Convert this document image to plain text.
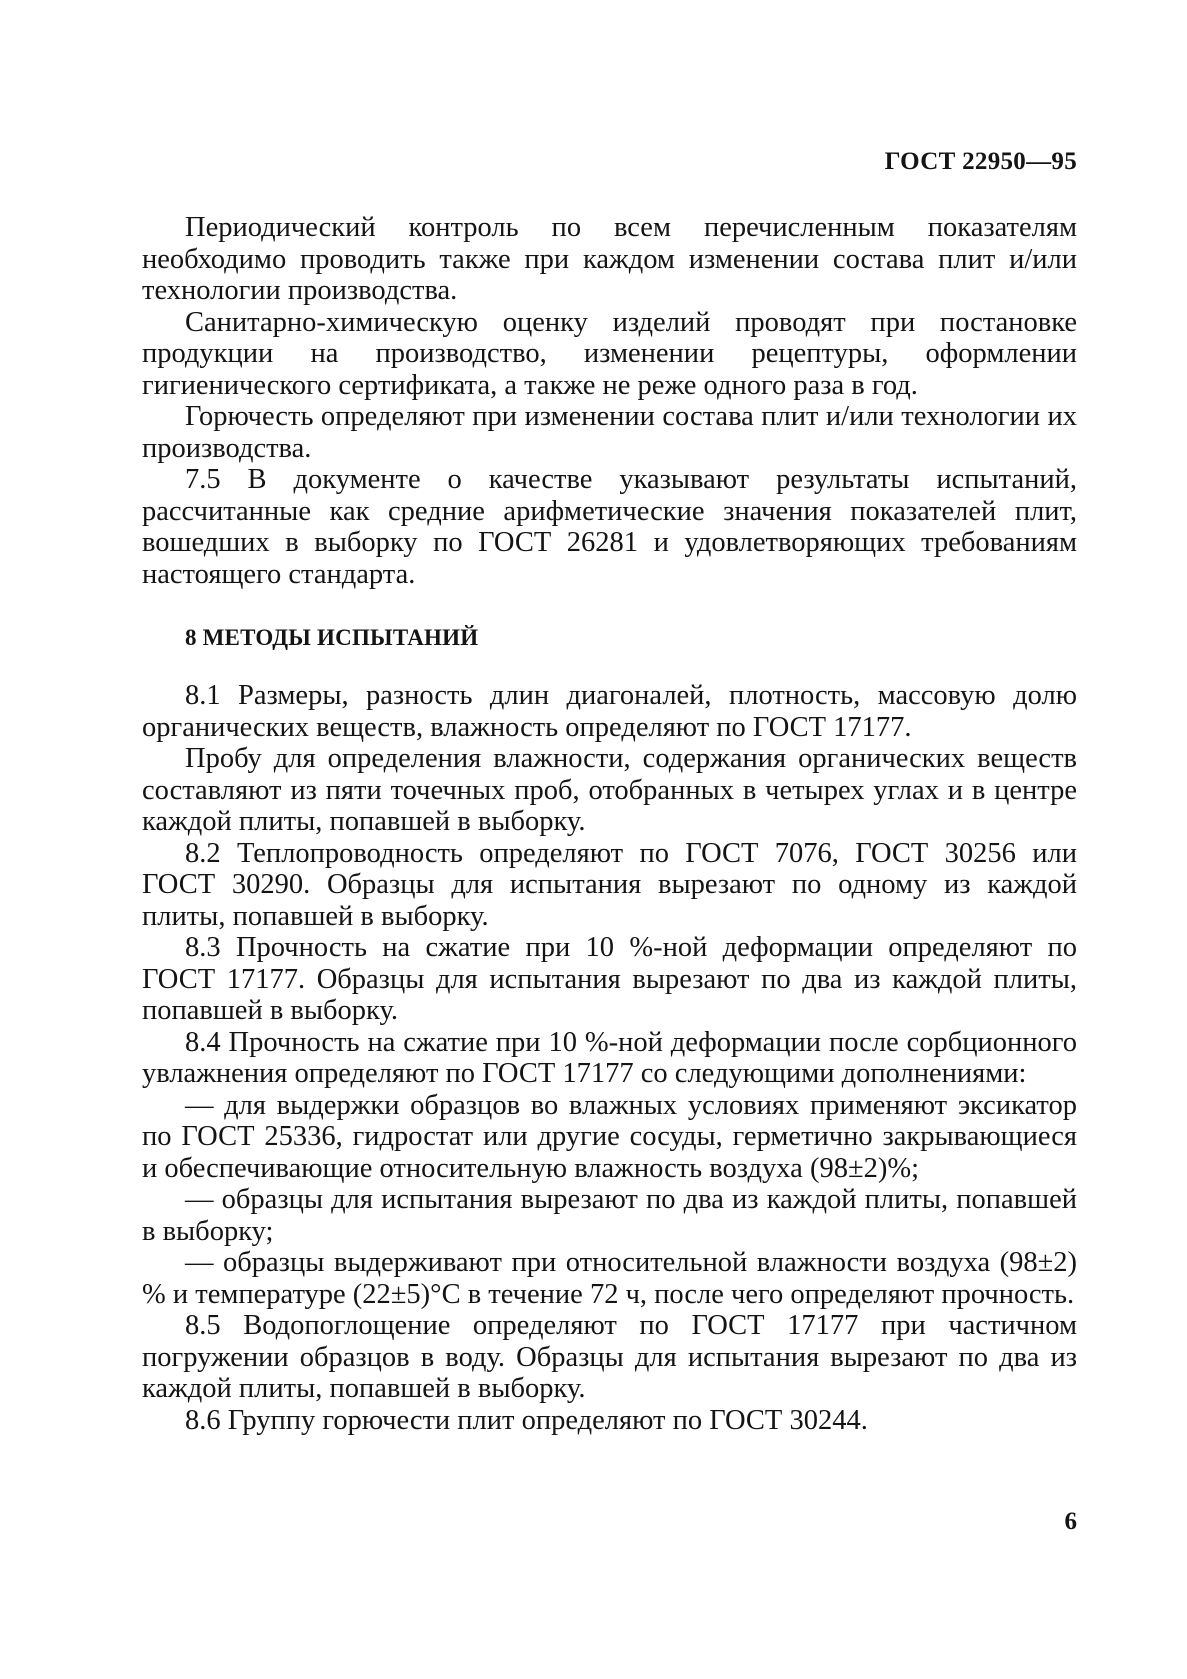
ГОСТ 22950—95

Периодический контроль по всем перечисленным показателям необходимо проводить также при каждом изменении состава плит и/или технологии производства.

Санитарно-химическую оценку изделий проводят при постановке продукции на производство, изменении рецептуры, оформлении гигиенического сертификата, а также не реже одного раза в год.

Горючесть определяют при изменении состава плит и/или технологии их производства.

7.5 В документе о качестве указывают результаты испытаний, рассчитанные как средние арифметические значения показателей плит, вошедших в выборку по ГОСТ 26281 и удовлетворяющих требованиям настоящего стандарта.

8 МЕТОДЫ ИСПЫТАНИЙ

8.1 Размеры, разность длин диагоналей, плотность, массовую долю органических веществ, влажность определяют по ГОСТ 17177.

Пробу для определения влажности, содержания органических веществ составляют из пяти точечных проб, отобранных в четырех углах и в центре каждой плиты, попавшей в выборку.

8.2 Теплопроводность определяют по ГОСТ 7076, ГОСТ 30256 или ГОСТ 30290. Образцы для испытания вырезают по одному из каждой плиты, попавшей в выборку.

8.3 Прочность на сжатие при 10 %-ной деформации определяют по ГОСТ 17177. Образцы для испытания вырезают по два из каждой плиты, попавшей в выборку.

8.4 Прочность на сжатие при 10 %-ной деформации после сорбционного увлажнения определяют по ГОСТ 17177 со следующими дополнениями:

— для выдержки образцов во влажных условиях применяют эксикатор по ГОСТ 25336, гидростат или другие сосуды, герметично закрывающиеся и обеспечивающие относительную влажность воздуха (98±2)%;

— образцы для испытания вырезают по два из каждой плиты, попавшей в выборку;

— образцы выдерживают при относительной влажности воздуха (98±2) % и температуре (22±5)°С в течение 72 ч, после чего определяют прочность.

8.5 Водопоглощение определяют по ГОСТ 17177 при частичном погружении образцов в воду. Образцы для испытания вырезают по два из каждой плиты, попавшей в выборку.

8.6 Группу горючести плит определяют по ГОСТ 30244.

6
